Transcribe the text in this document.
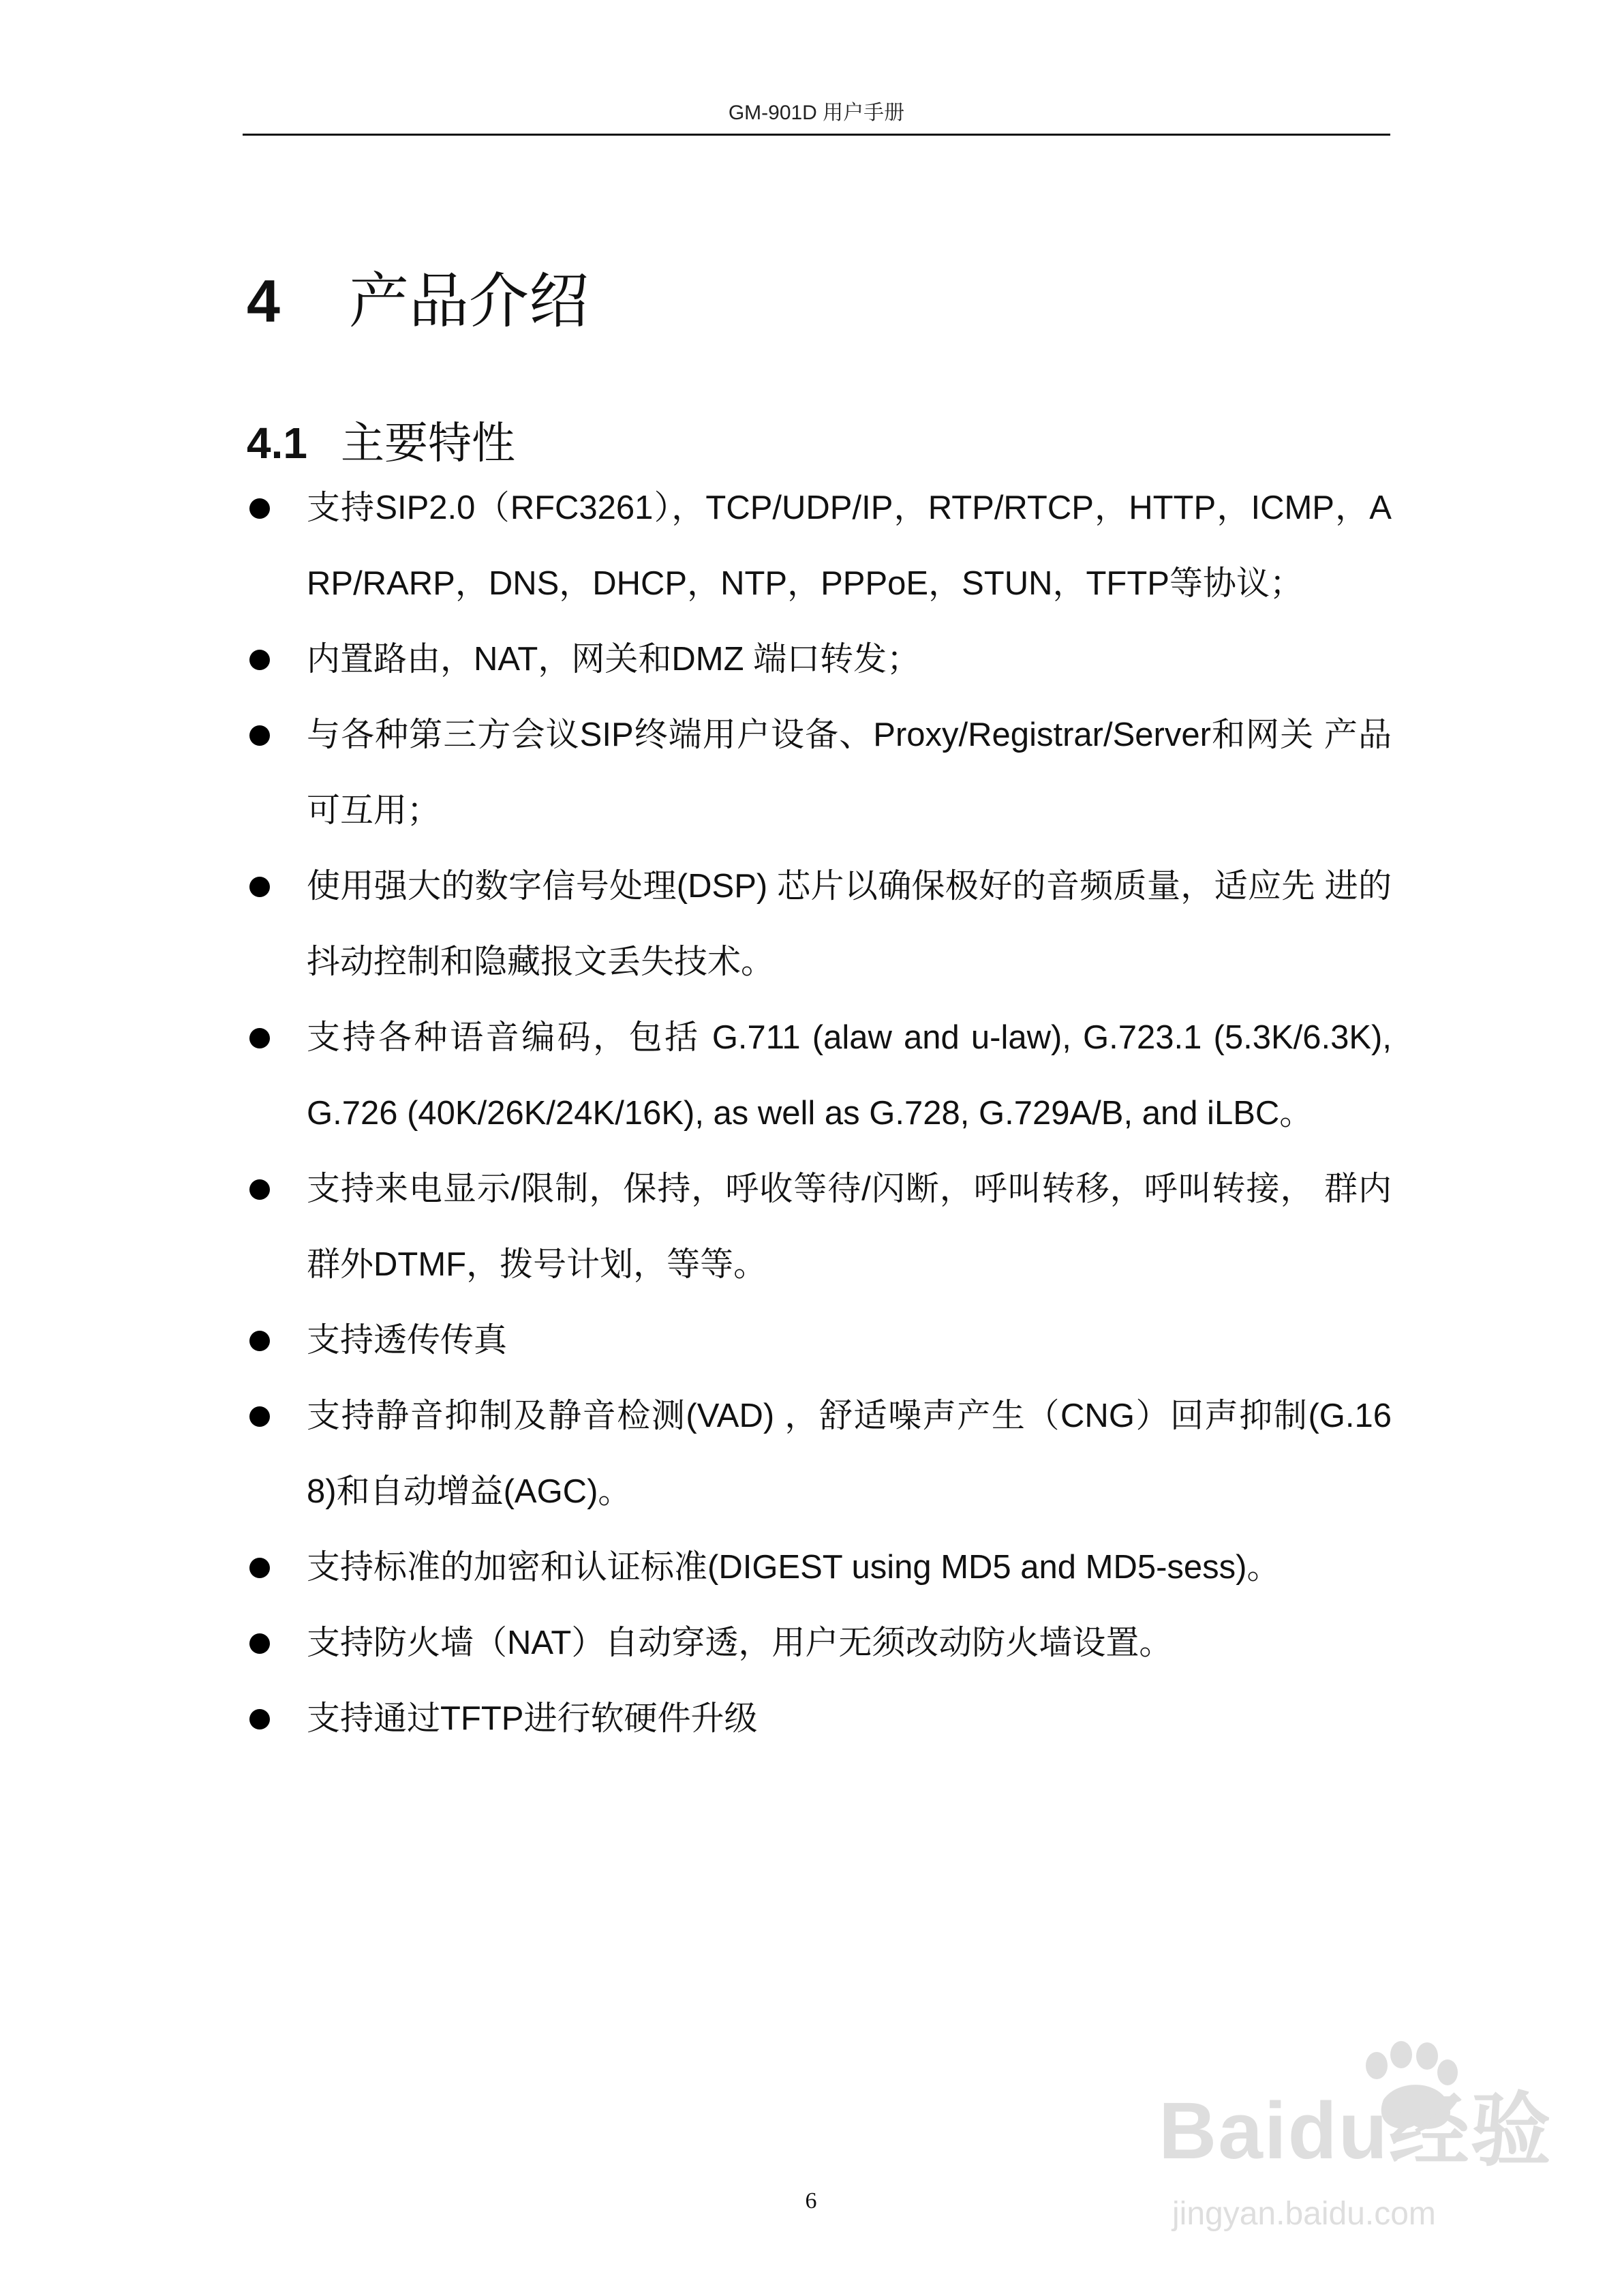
GM-901D 用户手册
4 产品介绍
4.1 主要特性
支持SIP2.0（RFC3261），TCP/UDP/IP，RTP/RTCP，HTTP，ICMP，ARP/RARP，DNS，DHCP，NTP，PPPoE，STUN，TFTP等协议；
内置路由，NAT，网关和DMZ 端口转发；
与各种第三方会议SIP终端用户设备、Proxy/Registrar/Server和网关 产品可互用；
使用强大的数字信号处理(DSP) 芯片以确保极好的音频质量，适应先 进的抖动控制和隐藏报文丢失技术。
支持各种语音编码，包括 G.711 (alaw and u-law), G.723.1 (5.3K/6.3K), G.726 (40K/26K/24K/16K), as well as G.728, G.729A/B, and iLBC。
支持来电显示/限制，保持，呼收等待/闪断，呼叫转移，呼叫转接， 群内群外DTMF，拨号计划，等等。
支持透传传真
支持静音抑制及静音检测(VAD) ，舒适噪声产生（CNG）回声抑制(G.168)和自动增益(AGC)。
支持标准的加密和认证标准(DIGEST using MD5 and MD5-sess)。
支持防火墙（NAT）自动穿透，用户无须改动防火墙设置。
支持通过TFTP进行软硬件升级
6
Baidu经验
jingyan.baidu.com
